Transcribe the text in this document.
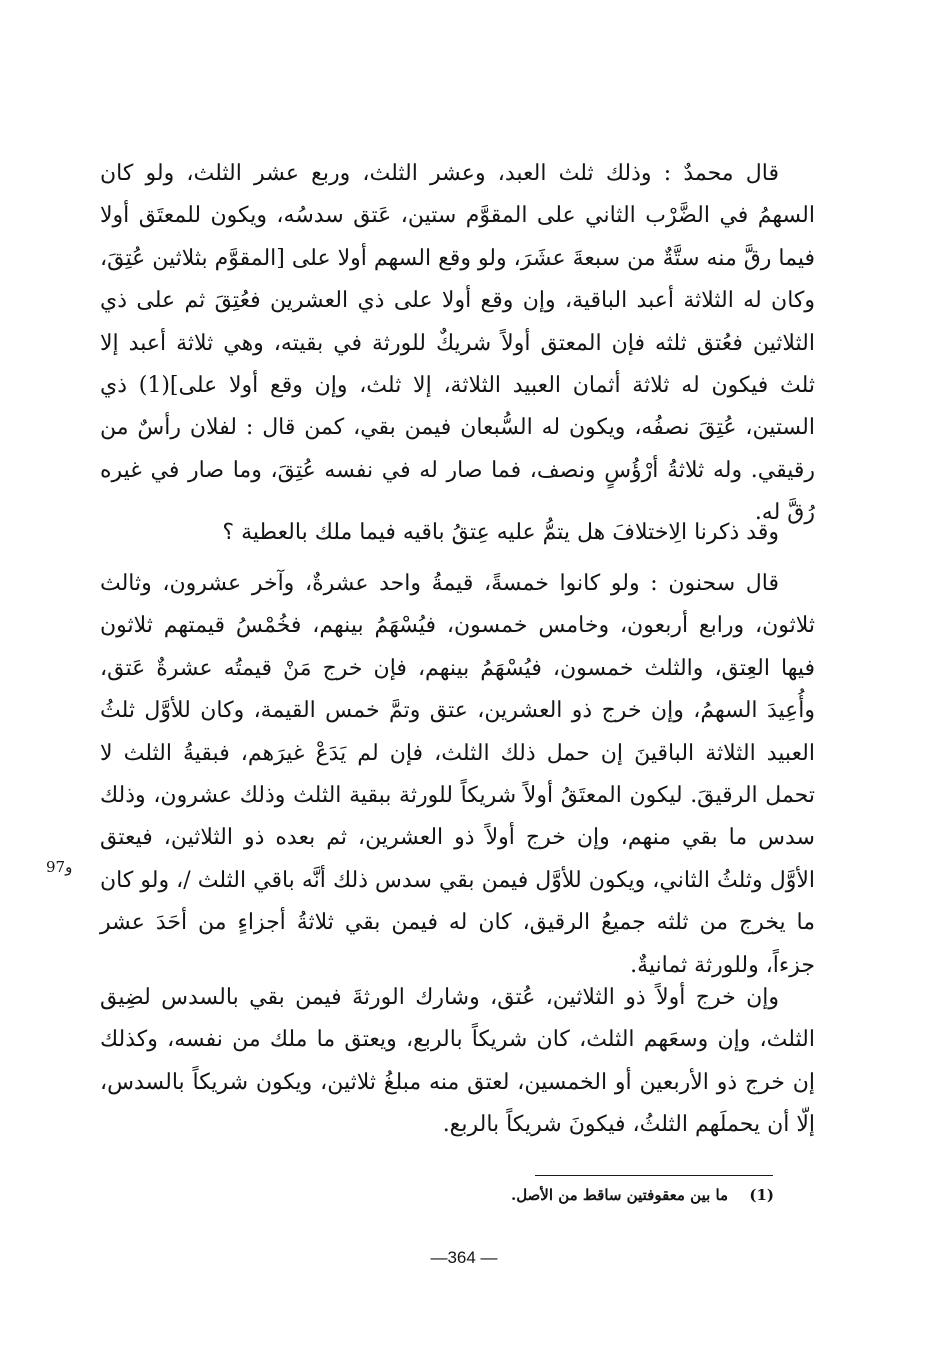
قال محمدٌ : وذلك ثلث العبد، وعشر الثلث، وربع عشر الثلث، ولو كان السهمُ في الضَّرْب الثاني على المقوَّم ستين، عَتق سدسُه، ويكون للمعتَق أولا فيما رقَّ منه ستَّةٌ من سبعةَ عشَرَ، ولو وقع السهم أولا على [المقوَّم بثلاثين عُتِقَ، وكان له الثلاثة أعبد الباقية، وإن وقع أولا على ذي العشرين فعُتِقَ ثم على ذي الثلاثين فعُتق ثلثه فإن المعتق أولاً شريكٌ للورثة في بقيته، وهي ثلاثة أعبد إلا ثلث فيكون له ثلاثة أثمان العبيد الثلاثة، إلا ثلث، وإن وقع أولا على](1) ذي الستين، عُتِقَ نصفُه، ويكون له السُّبعان فيمن بقي، كمن قال : لفلان رأسٌ من رقيقي. وله ثلاثةُ أرْؤُسٍ ونصف، فما صار له في نفسه عُتِقَ، وما صار في غيره رُقَّ له.

وقد ذكرنا الِاختلافَ هل يتمُّ عليه عِتقُ باقيه فيما ملك بالعطية ؟

قال سحنون : ولو كانوا خمسةً، قيمةُ واحد عشرةٌ، وآخر عشرون، وثالث ثلاثون، ورابع أربعون، وخامس خمسون، فيُسْهَمُ بينهم، فخُمْسُ قيمتهم ثلاثون فيها العِتق، والثلث خمسون، فيُسْهَمُ بينهم، فإن خرج مَنْ قيمتُه عشرةٌ عَتق، وأُعِيدَ السهمُ، وإن خرج ذو العشرين، عتق وتمَّ خمس القيمة، وكان للأوَّل ثلثُ العبيد الثلاثة الباقينَ إن حمل ذلك الثلث، فإن لم يَدَعْ غيرَهم، فبقيةُ الثلث لا تحمل الرقيقَ. ليكون المعتَقُ أولاً شريكاً للورثة ببقية الثلث وذلك عشرون، وذلك سدس ما بقي منهم، وإن خرج أولاً ذو العشرين، ثم بعده ذو الثلاثين، فيعتق الأوَّل وثلثُ الثاني، ويكون للأوَّل فيمن بقي سدس ذلك أنَّه باقي الثلث /، ولو كان ما يخرج من ثلثه جميعُ الرقيق، كان له فيمن بقي ثلاثةُ أجزاءٍ من أحَدَ عشر جزءاً، وللورثة ثمانيةٌ.

وإن خرج أولاً ذو الثلاثين، عُتق، وشارك الورثةَ فيمن بقي بالسدس لضِيق الثلث، وإن وسعَهم الثلث، كان شريكاً بالربع، ويعتق ما ملك من نفسه، وكذلك إن خرج ذو الأربعين أو الخمسين، لعتق منه مبلغُ ثلاثين، ويكون شريكاً بالسدس، إلّا أن يحملَهم الثلثُ، فيكونَ شريكاً بالربع.

97و
(1) ما بين معقوفتين ساقط من الأصل.
—364 —
